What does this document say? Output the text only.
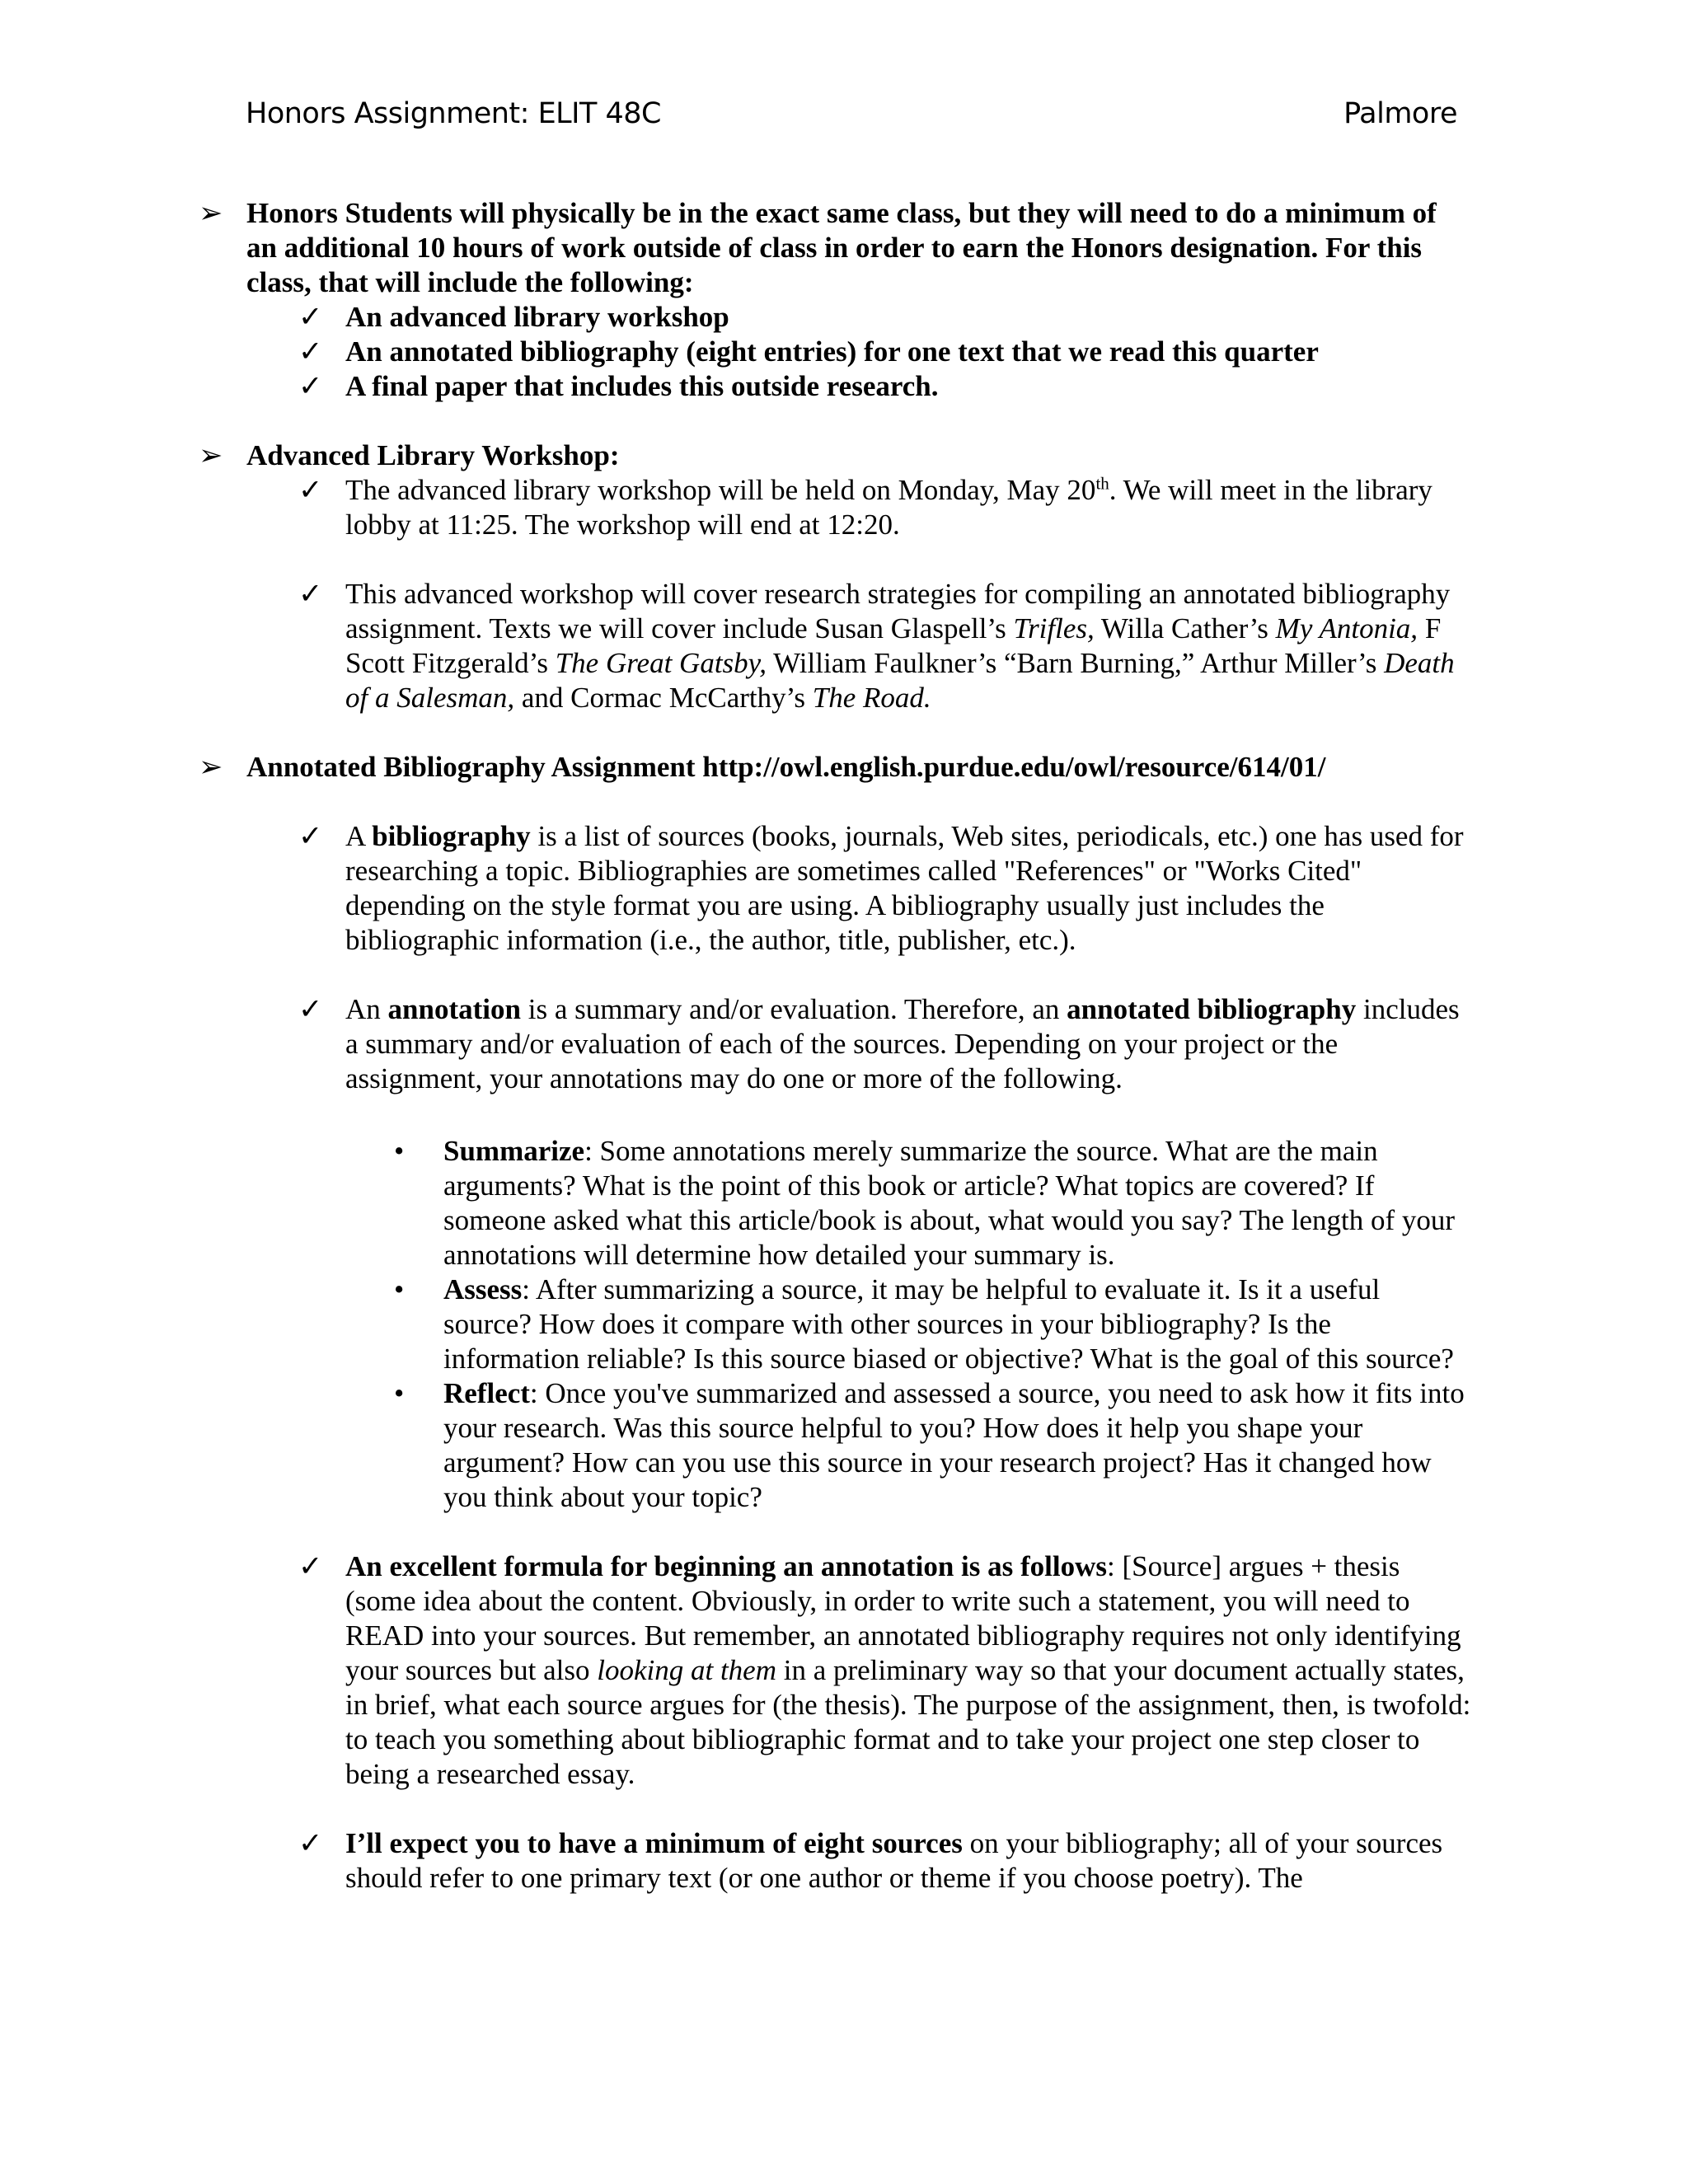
Honors Assignment: ELIT 48C	Palmore
➢ Honors Students will physically be in the exact same class, but they will need to do a minimum of an additional 10 hours of work outside of class in order to earn the Honors designation. For this class, that will include the following:
✓ An advanced library workshop
✓ An annotated bibliography (eight entries) for one text that we read this quarter
✓ A final paper that includes this outside research.
➢ Advanced Library Workshop:
✓ The advanced library workshop will be held on Monday, May 20th. We will meet in the library lobby at 11:25. The workshop will end at 12:20.
✓ This advanced workshop will cover research strategies for compiling an annotated bibliography assignment. Texts we will cover include Susan Glaspell’s Trifles, Willa Cather’s My Antonia, F Scott Fitzgerald’s The Great Gatsby, William Faulkner’s “Barn Burning,” Arthur Miller’s Death of a Salesman, and Cormac McCarthy’s The Road.
➢ Annotated Bibliography Assignment http://owl.english.purdue.edu/owl/resource/614/01/
✓ A bibliography is a list of sources (books, journals, Web sites, periodicals, etc.) one has used for researching a topic. Bibliographies are sometimes called "References" or "Works Cited" depending on the style format you are using. A bibliography usually just includes the bibliographic information (i.e., the author, title, publisher, etc.).
✓ An annotation is a summary and/or evaluation. Therefore, an annotated bibliography includes a summary and/or evaluation of each of the sources. Depending on your project or the assignment, your annotations may do one or more of the following.
• Summarize: Some annotations merely summarize the source. What are the main arguments? What is the point of this book or article? What topics are covered? If someone asked what this article/book is about, what would you say? The length of your annotations will determine how detailed your summary is.
• Assess: After summarizing a source, it may be helpful to evaluate it. Is it a useful source? How does it compare with other sources in your bibliography? Is the information reliable? Is this source biased or objective? What is the goal of this source?
• Reflect: Once you've summarized and assessed a source, you need to ask how it fits into your research. Was this source helpful to you? How does it help you shape your argument? How can you use this source in your research project? Has it changed how you think about your topic?
✓ An excellent formula for beginning an annotation is as follows: [Source] argues + thesis (some idea about the content. Obviously, in order to write such a statement, you will need to READ into your sources. But remember, an annotated bibliography requires not only identifying your sources but also looking at them in a preliminary way so that your document actually states, in brief, what each source argues for (the thesis). The purpose of the assignment, then, is twofold: to teach you something about bibliographic format and to take your project one step closer to being a researched essay.
✓ I’ll expect you to have a minimum of eight sources on your bibliography; all of your sources should refer to one primary text (or one author or theme if you choose poetry). The
